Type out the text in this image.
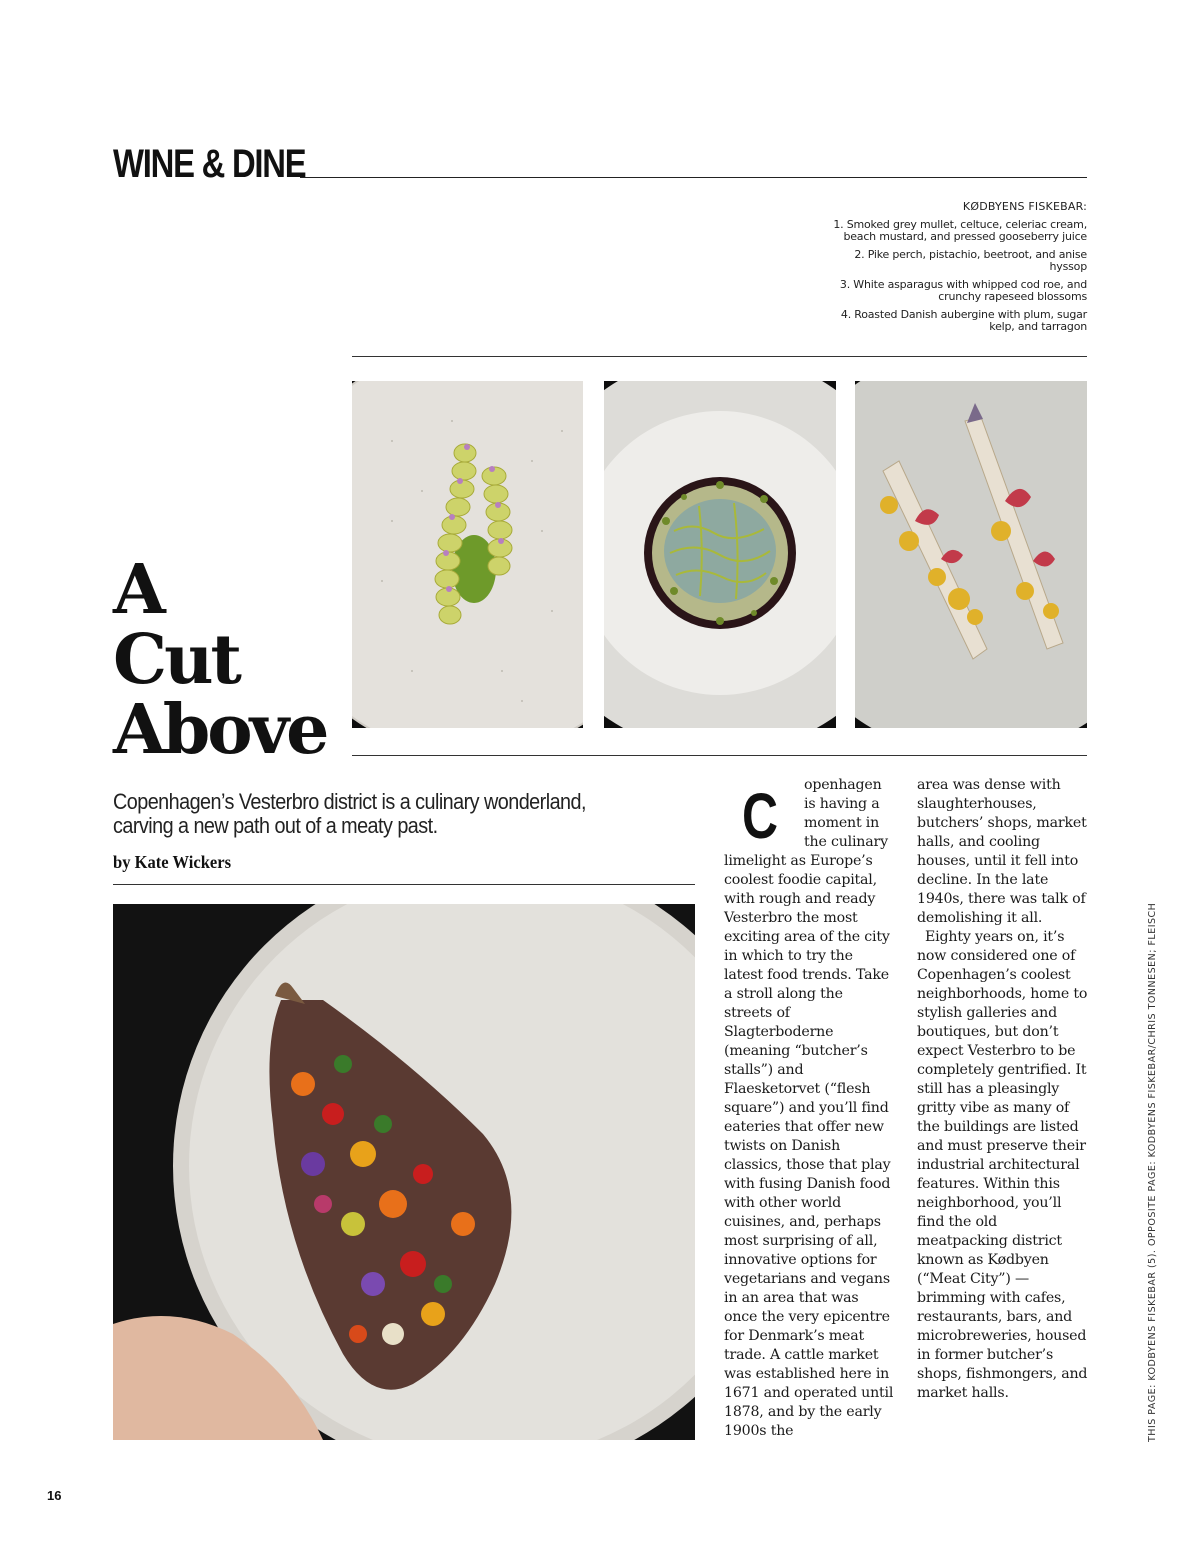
WINE & DINE
KØDBYENS FISKEBAR:
1. Smoked grey mullet, celtuce, celeriac cream, beach mustard, and pressed gooseberry juice
2. Pike perch, pistachio, beetroot, and anise hyssop
3. White asparagus with whipped cod roe, and crunchy rapeseed blossoms
4. Roasted Danish aubergine with plum, sugar kelp, and tarragon
A
Cut
Above
Copenhagen’s Vesterbro district is a culinary wonderland, carving a new path out of a meaty past.
by Kate Wickers
C	openhagen is having a moment in the culinary limelight as Europe’s coolest foodie capital, with rough and ready Vesterbro the most exciting area of the city in which to try the latest food trends. Take a stroll along the streets of Slagterboderne (meaning “butcher’s stalls”) and Flaesketorvet (“flesh square”) and you’ll find eateries that offer new twists on Danish classics, those that play with fusing Danish food with other world cuisines, and, perhaps most surprising of all, innovative options for vegetarians and vegans in an area that was once the very epicentre for Denmark’s meat trade. A cattle market was established here in 1671 and operated until 1878, and by the early 1900s the

area was dense with slaughterhouses, butchers’ shops, market halls, and cooling houses, until it fell into decline. In the late 1940s, there was talk of demolishing it all.

Eighty years on, it’s now considered one of Copenhagen’s coolest neighborhoods, home to stylish galleries and boutiques, but don’t expect Vesterbro to be completely gentrified. It still has a pleasingly gritty vibe as many of the buildings are listed and must preserve their industrial architectural features. Within this neighborhood, you’ll find the old meatpacking district known as Kødbyen (“Meat City”) — brimming with cafes, restaurants, bars, and microbreweries, housed in former butcher’s shops, fishmongers, and market halls.	THIS PAGE: KODBYENS FISKEBAR (5). OPPOSITE PAGE: KODBYENS FISKEBAR/CHRIS TONNESEN; FLEISCH
16
